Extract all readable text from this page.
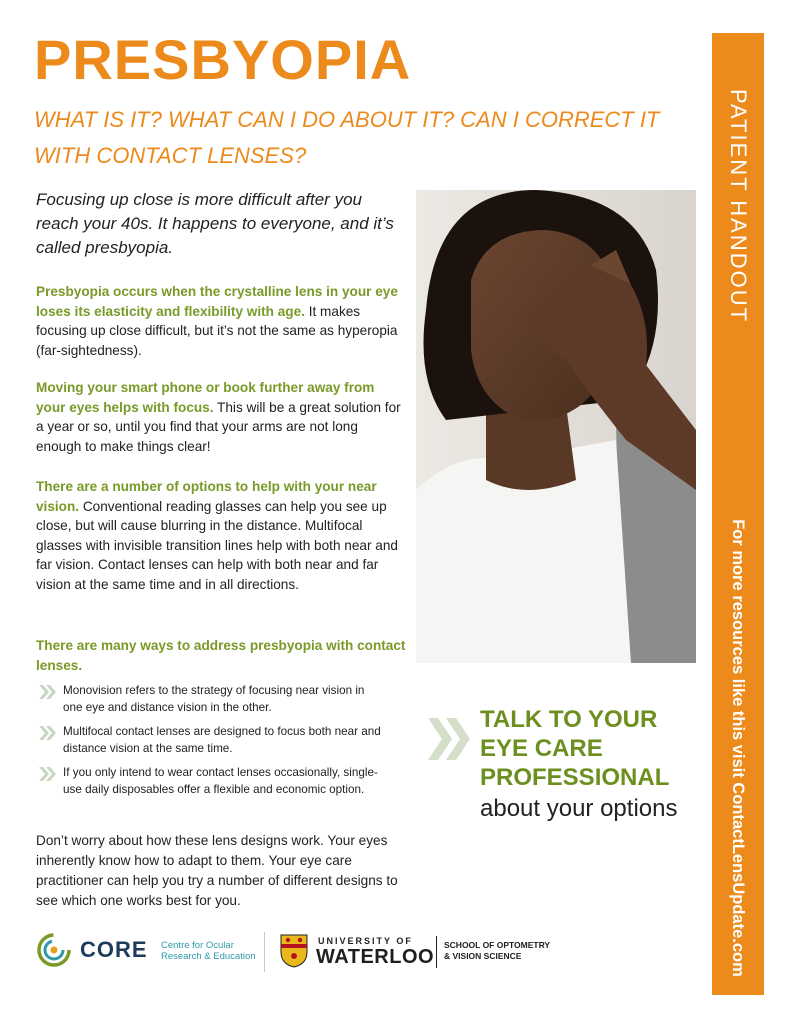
PRESBYOPIA
WHAT IS IT? WHAT CAN I DO ABOUT IT? CAN I CORRECT IT WITH CONTACT LENSES?
Focusing up close is more difficult after you reach your 40s. It happens to everyone, and it’s called presbyopia.
Presbyopia occurs when the crystalline lens in your eye loses its elasticity and flexibility with age. It makes focusing up close difficult, but it’s not the same as hyperopia (far-sightedness).
Moving your smart phone or book further away from your eyes helps with focus. This will be a great solution for a year or so, until you find that your arms are not long enough to make things clear!
There are a number of options to help with your near vision. Conventional reading glasses can help you see up close, but will cause blurring in the distance. Multifocal glasses with invisible transition lines help with both near and far vision. Contact lenses can help with both near and far vision at the same time and in all directions.
There are many ways to address presbyopia with contact lenses.
Monovision refers to the strategy of focusing near vision in one eye and distance vision in the other.
Multifocal contact lenses are designed to focus both near and distance vision at the same time.
If you only intend to wear contact lenses occasionally, single-use daily disposables offer a flexible and economic option.
Don’t worry about how these lens designs work. Your eyes inherently know how to adapt to them. Your eye care practitioner can help you try a number of different designs to see which one works best for you.
TALK TO YOUR
EYE CARE
PROFESSIONAL
about your options
PATIENT HANDOUT
For more resources like this visit ContactLensUpdate.com
CORE Centre for Ocular
Research & Education
UNIVERSITY OF
WATERLOO
SCHOOL OF OPTOMETRY
& VISION SCIENCE
